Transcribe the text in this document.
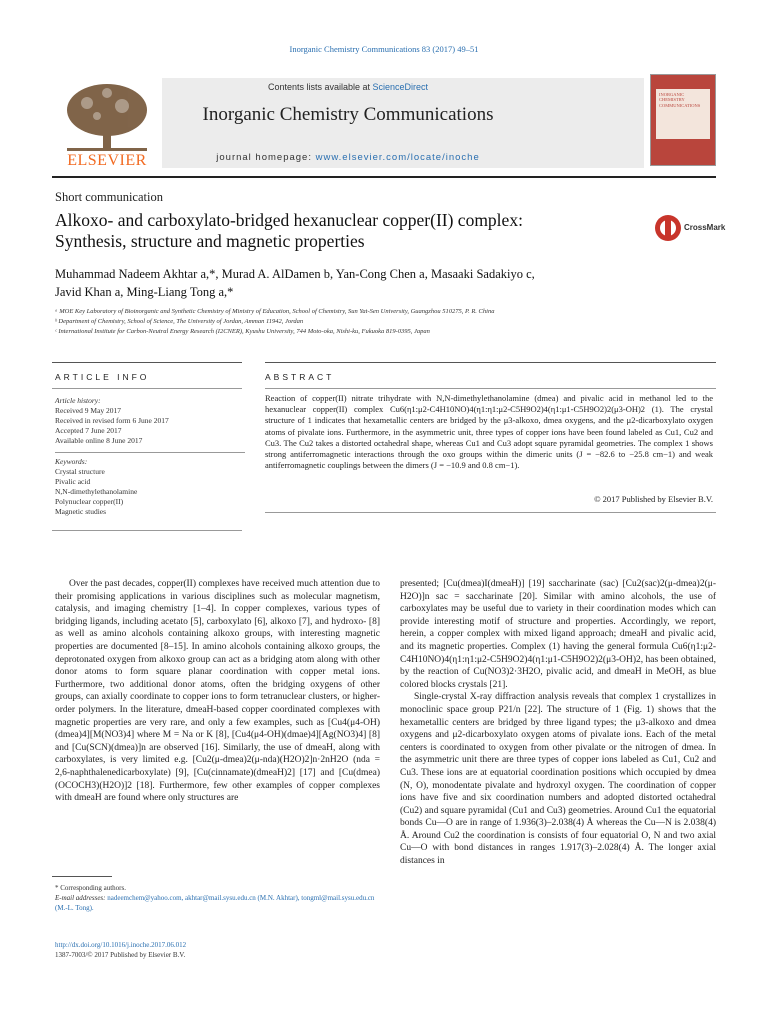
Inorganic Chemistry Communications 83 (2017) 49–51
ELSEVIER
Contents lists available at ScienceDirect
Inorganic Chemistry Communications
journal homepage: www.elsevier.com/locate/inoche
INORGANIC CHEMISTRY COMMUNICATIONS
Short communication
Alkoxo- and carboxylato-bridged hexanuclear copper(II) complex:
Synthesis, structure and magnetic properties
CrossMark
Muhammad Nadeem Akhtar a,*, Murad A. AlDamen b, Yan-Cong Chen a, Masaaki Sadakiyo c,
Javid Khan a, Ming-Liang Tong a,*
ᵃ MOE Key Laboratory of Bioinorganic and Synthetic Chemistry of Ministry of Education, School of Chemistry, Sun Yat-Sen University, Guangzhou 510275, P. R. China
ᵇ Department of Chemistry, School of Science, The University of Jordan, Amman 11942, Jordan
ᶜ International Institute for Carbon-Neutral Energy Research (I2CNER), Kyushu University, 744 Moto-oka, Nishi-ku, Fukuoka 819-0395, Japan
ARTICLE INFO	ABSTRACT
Article history:
Received 9 May 2017
Received in revised form 6 June 2017
Accepted 7 June 2017
Available online 8 June 2017
Keywords:
Crystal structure
Pivalic acid
N,N-dimethylethanolamine
Polynuclear copper(II)
Magnetic studies
Reaction of copper(II) nitrate trihydrate with N,N-dimethylethanolamine (dmea) and pivalic acid in methanol led to the hexanuclear copper(II) complex Cu6(η1:μ2-C4H10NO)4(η1:η1:μ2-C5H9O2)4(η1:μ1-C5H9O2)2(μ3-OH)2 (1). The crystal structure of 1 indicates that hexametallic centers are bridged by the μ3-alkoxo, dmea oxygens, and the μ2-dicarboxylato oxygen atoms of pivalate ions. Furthermore, in the asymmetric unit, three types of copper ions have been found labeled as Cu1, Cu2 and Cu3. The Cu2 takes a distorted octahedral shape, whereas Cu1 and Cu3 adopt square pyramidal geometries. The complex 1 shows strong antiferromagnetic interactions through the oxo groups within the dimeric units (J = −82.6 to −25.8 cm−1) and weak antiferromagnetic couplings between the dimers (J = −10.9 and 0.8 cm−1).
© 2017 Published by Elsevier B.V.

Over the past decades, copper(II) complexes have received much attention due to their promising applications in various disciplines such as molecular magnetism, catalysis, and imaging chemistry [1–4]. In copper complexes, various types of bridging ligands, including acetato [5], carboxylato [6], alkoxo [7], and hydroxo- [8] as well as amino alcohols containing alkoxo groups, with interesting magnetic properties are documented [8–15]. In amino alcohols containing alkoxo groups, the deprotonated oxygen from alkoxo group can act as a bridging atom along with other donor atoms to form square planar coordination with copper metal ions. Furthermore, two additional donor atoms, often the bridging oxygens of other groups, can axially coordinate to copper ions to form tetranuclear clusters, or higher-order polymers. In the literature, dmeaH-based copper coordinated complexes with magnetic properties are very rare, and only a few examples, such as [Cu4(μ4-OH)(dmea)4][M(NO3)4] where M = Na or K [8], [Cu4(μ4-OH)(dmae)4][Ag(NO3)4] [8] and [Cu(SCN)(dmea)]n are observed [16]. Similarly, the use of dmeaH, along with carboxylates, is very limited e.g. [Cu2(μ-dmea)2(μ-nda)(H2O)2]n·2nH2O (nda = 2,6-naphthalenedicarboxylate) [9], [Cu(cinnamate)(dmeaH)2] [17] and [Cu(dmea)(OCOCH3)(H2O)]2 [18]. Furthermore, few other examples of copper complexes with dmeaH are found where only structures are

presented; [Cu(dmea)I(dmeaH)] [19] saccharinate (sac) [Cu2(sac)2(μ-dmea)2(μ-H2O)]n sac = saccharinate [20]. Similar with amino alcohols, the use of carboxylates may be useful due to variety in their coordination modes which can provide interesting motif of structure and properties. Accordingly, we report, herein, a copper complex with mixed ligand approach; dmeaH and pivalic acid, and its magnetic properties. Complex (1) having the general formula Cu6(η1:μ2-C4H10NO)4(η1:η1:μ2-C5H9O2)4(η1:μ1-C5H9O2)2(μ3-OH)2, has been obtained, by the reaction of Cu(NO3)2·3H2O, pivalic acid, and dmeaH in MeOH, as blue colored blocks crystals [21].

Single-crystal X-ray diffraction analysis reveals that complex 1 crystallizes in monoclinic space group P21/n [22]. The structure of 1 (Fig. 1) shows that the hexametallic centers are bridged by three ligand types; the μ3-alkoxo and dmea oxygens and μ2-dicarboxylato oxygen atoms of pivalate ions. Each of the metal centers is coordinated to oxygen from other pivalate or the nitrogen of dmea. In the asymmetric unit there are three types of copper ions labeled as Cu1, Cu2 and Cu3. These ions are at equatorial coordination positions which occupied by dmea (N, O), monodentate pivalate and hydroxyl oxygen. The coordination of copper ions have five and six coordination numbers and adopted distorted octahedral (Cu2) and square pyramidal (Cu1 and Cu3) geometries. Around Cu1 the equatorial bonds Cu—O are in range of 1.936(3)–2.038(4) Å whereas the Cu—N is 2.038(4) Å. Around Cu2 the coordination is consists of four equatorial O, N and two axial Cu—O with bond distances in ranges 1.917(3)–2.028(4) Å. The longer axial distances in

* Corresponding authors.
E-mail addresses: nadeemchem@yahoo.com, akhtar@mail.sysu.edu.cn (M.N. Akhtar), tongml@mail.sysu.edu.cn (M.-L. Tong).
http://dx.doi.org/10.1016/j.inoche.2017.06.012
1387-7003/© 2017 Published by Elsevier B.V.
